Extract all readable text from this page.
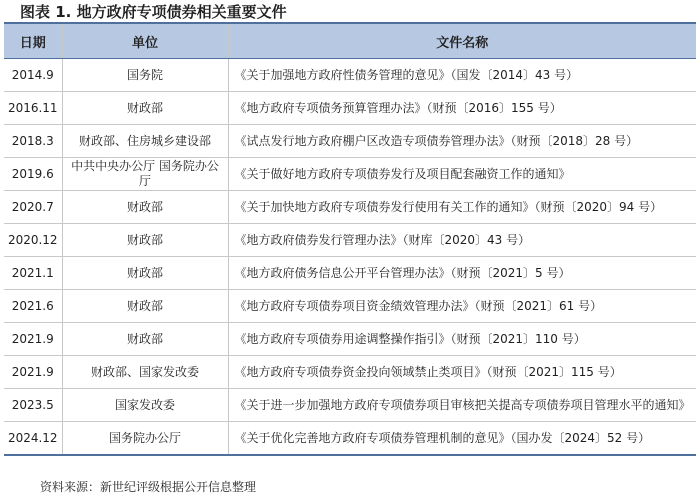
图表 1. 地方政府专项债券相关重要文件
日期	单位	文件名称
2014.9	国务院	《关于加强地方政府性债务管理的意见》（国发〔2014〕43 号）
2016.11	财政部	《地方政府专项债务预算管理办法》（财预〔2016〕155 号）
2018.3	财政部、住房城乡建设部	《试点发行地方政府棚户区改造专项债券管理办法》（财预〔2018〕28 号）
2019.6	中共中央办公厅 国务院办公厅	《关于做好地方政府专项债券发行及项目配套融资工作的通知》
2020.7	财政部	《关于加快地方政府专项债券发行使用有关工作的通知》（财预〔2020〕94 号）
2020.12	财政部	《地方政府债券发行管理办法》（财库〔2020〕43 号）
2021.1	财政部	《地方政府债务信息公开平台管理办法》（财预〔2021〕5 号）
2021.6	财政部	《地方政府专项债券项目资金绩效管理办法》（财预〔2021〕61 号）
2021.9	财政部	《地方政府专项债券用途调整操作指引》（财预〔2021〕110 号）
2021.9	财政部、国家发改委	《地方政府专项债券资金投向领域禁止类项目》（财预〔2021〕115 号）
2023.5	国家发改委	《关于进一步加强地方政府专项债券项目审核把关提高专项债券项目管理水平的通知》
2024.12	国务院办公厅	《关于优化完善地方政府专项债券管理机制的意见》（国办发〔2024〕52 号）
资料来源：新世纪评级根据公开信息整理
